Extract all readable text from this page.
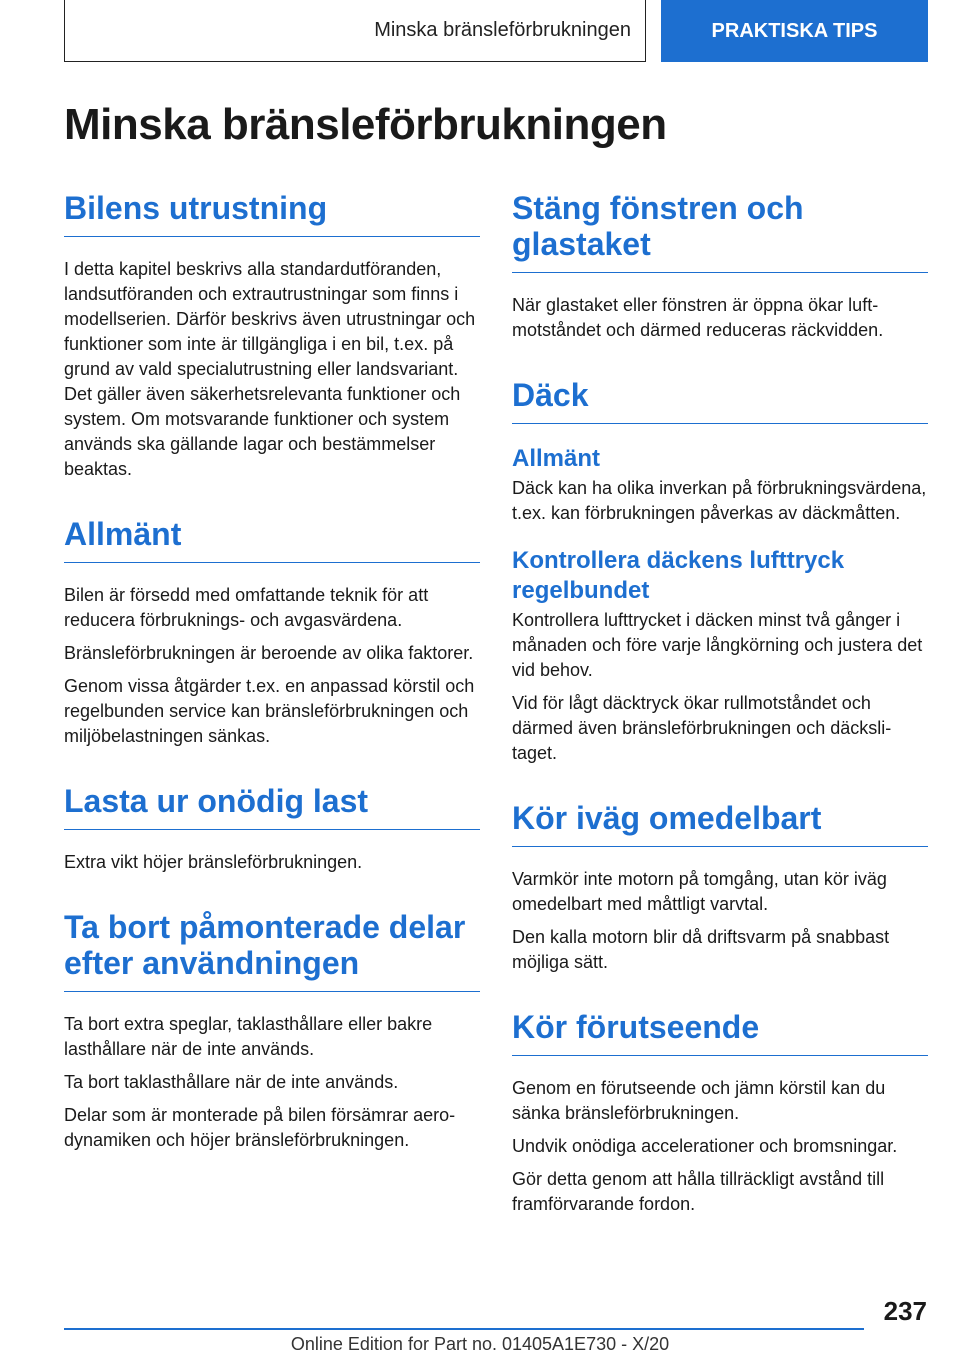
Minska bränsleförbrukningen	PRAKTISKA TIPS
Minska bränsleförbrukningen
Bilens utrustning

I detta kapitel beskrivs alla standardutföranden, landsutföranden och extrautrustningar som finns i modellserien. Därför beskrivs även utrustningar och funktioner som inte är tillgängliga i en bil, t.ex. på grund av vald specialutrustning eller landsvariant. Det gäller även säkerhetsrelevanta funktioner och system. Om motsvarande funktioner och system används ska gällande lagar och bestämmelser beaktas.

Allmänt

Bilen är försedd med omfattande teknik för att reducera förbruknings- och avgasvärdena.

Bränsleförbrukningen är beroende av olika faktorer.

Genom vissa åtgärder t.ex. en anpassad körstil och regelbunden service kan bränsleförbrukningen och miljöbelastningen sänkas.

Lasta ur onödig last

Extra vikt höjer bränsleförbrukningen.

Ta bort påmonterade delar efter användningen

Ta bort extra speglar, taklasthållare eller bakre lasthållare när de inte används.

Ta bort taklasthållare när de inte används.

Delar som är monterade på bilen försämrar aerodynamiken och höjer bränsleförbrukningen.

Stäng fönstren och glastaket

När glastaket eller fönstren är öppna ökar luftmotståndet och därmed reduceras räckvidden.

Däck
Allmänt

Däck kan ha olika inverkan på förbrukningsvärdena, t.ex. kan förbrukningen påverkas av däckmåtten.

Kontrollera däckens lufttryck regelbundet

Kontrollera lufttrycket i däcken minst två gånger i månaden och före varje långkörning och justera det vid behov.

Vid för lågt däcktryck ökar rullmotståndet och därmed även bränsleförbrukningen och däckslitaget.

Kör iväg omedelbart

Varmkör inte motorn på tomgång, utan kör iväg omedelbart med måttligt varvtal.

Den kalla motorn blir då driftsvarm på snabbast möjliga sätt.

Kör förutseende

Genom en förutseende och jämn körstil kan du sänka bränsleförbrukningen.

Undvik onödiga accelerationer och bromsningar.

Gör detta genom att hålla tillräckligt avstånd till framförvarande fordon.

237
Online Edition for Part no. 01405A1E730 - X/20
